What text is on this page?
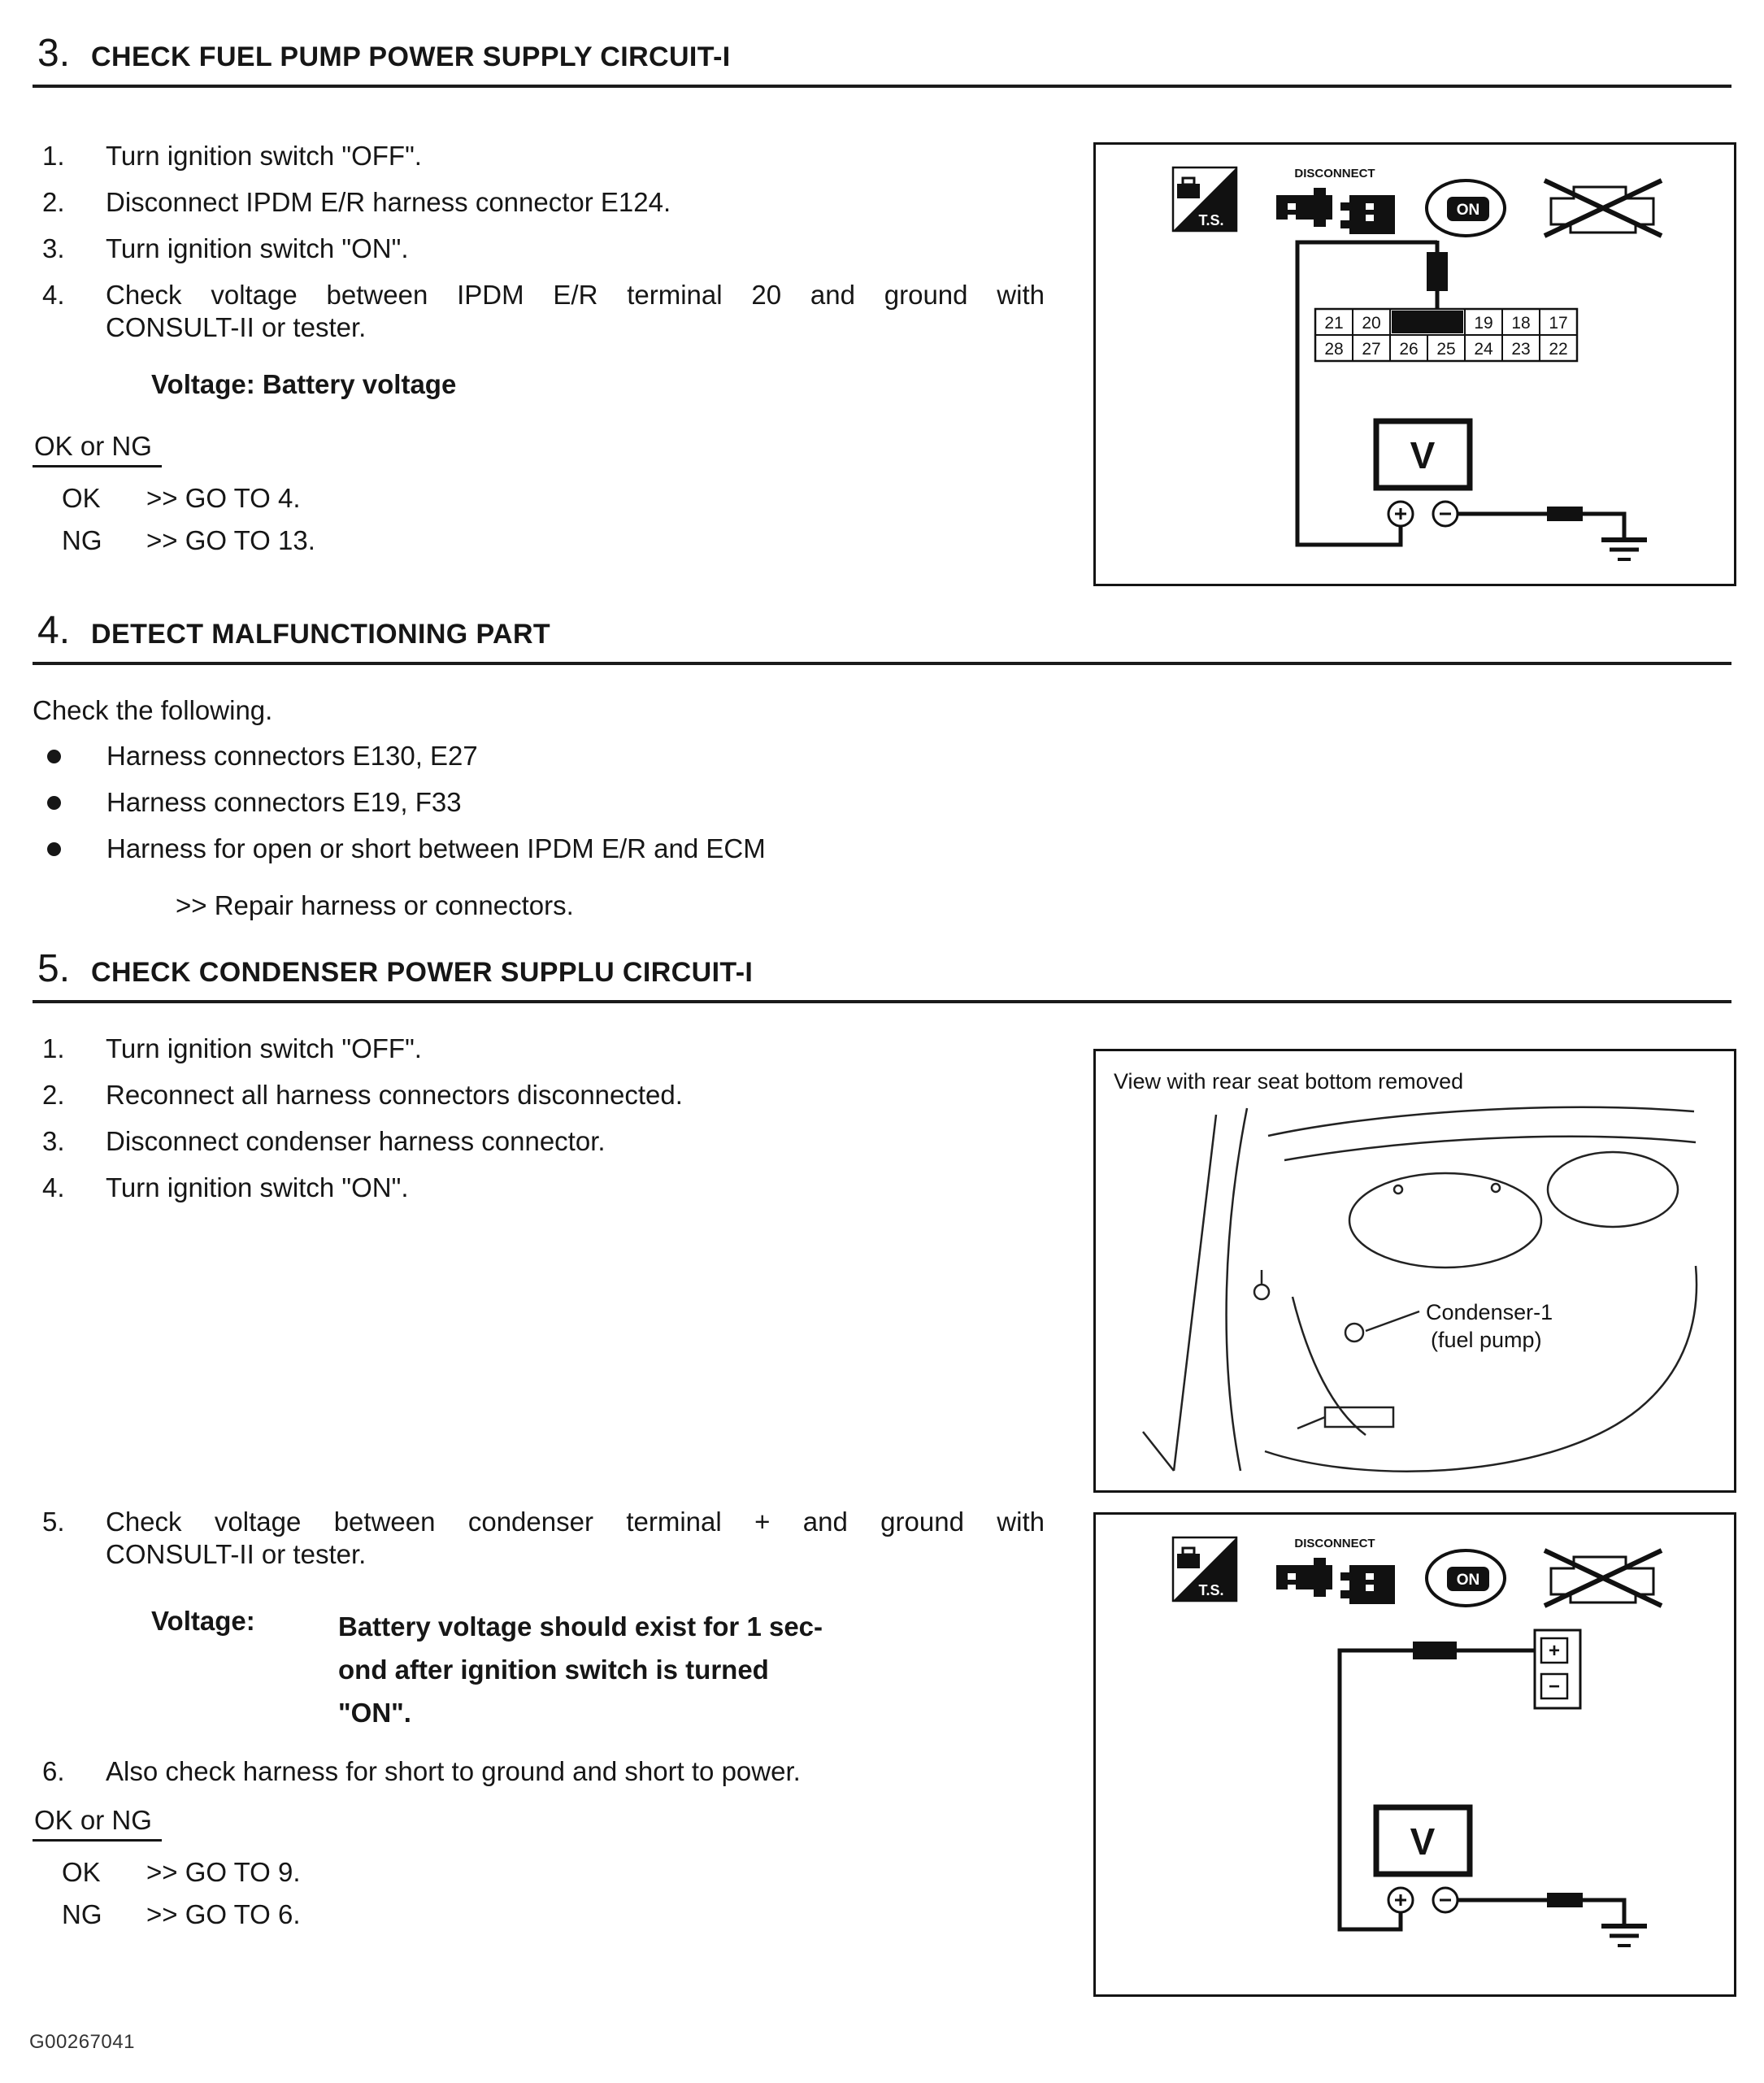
3. CHECK FUEL PUMP POWER SUPPLY CIRCUIT-I
1.	Turn ignition switch "OFF".
2.	Disconnect IPDM E/R harness connector E124.
3.	Turn ignition switch "ON".
4.	Check voltage between IPDM E/R terminal 20 and ground with
CONSULT-II or tester.
Voltage: Battery voltage
OK or NG
OK	>> GO TO 4.
NG	>> GO TO 13.
4. DETECT MALFUNCTIONING PART
Check the following.
Harness connectors E130, E27
Harness connectors E19, F33
Harness for open or short between IPDM E/R and ECM
>> Repair harness or connectors.
5. CHECK CONDENSER POWER SUPPLU CIRCUIT-I
1.	Turn ignition switch "OFF".
2.	Reconnect all harness connectors disconnected.
3.	Disconnect condenser harness connector.
4.	Turn ignition switch "ON".
5.	Check voltage between condenser terminal + and ground with
CONSULT-II or tester.
Voltage:	Battery voltage should exist for 1 sec-
ond after ignition switch is turned
"ON".
6.	Also check harness for short to ground and short to power.
OK or NG
OK	>> GO TO 9.
NG	>> GO TO 6.
T.S.
DISCONNECT
ON
21 20	19 18 17
28 27 26 25 24 23 22
V
View with rear seat bottom removed
Condenser-1
(fuel pump)
T.S.
DISCONNECT
ON
+
−
V
G00267041
